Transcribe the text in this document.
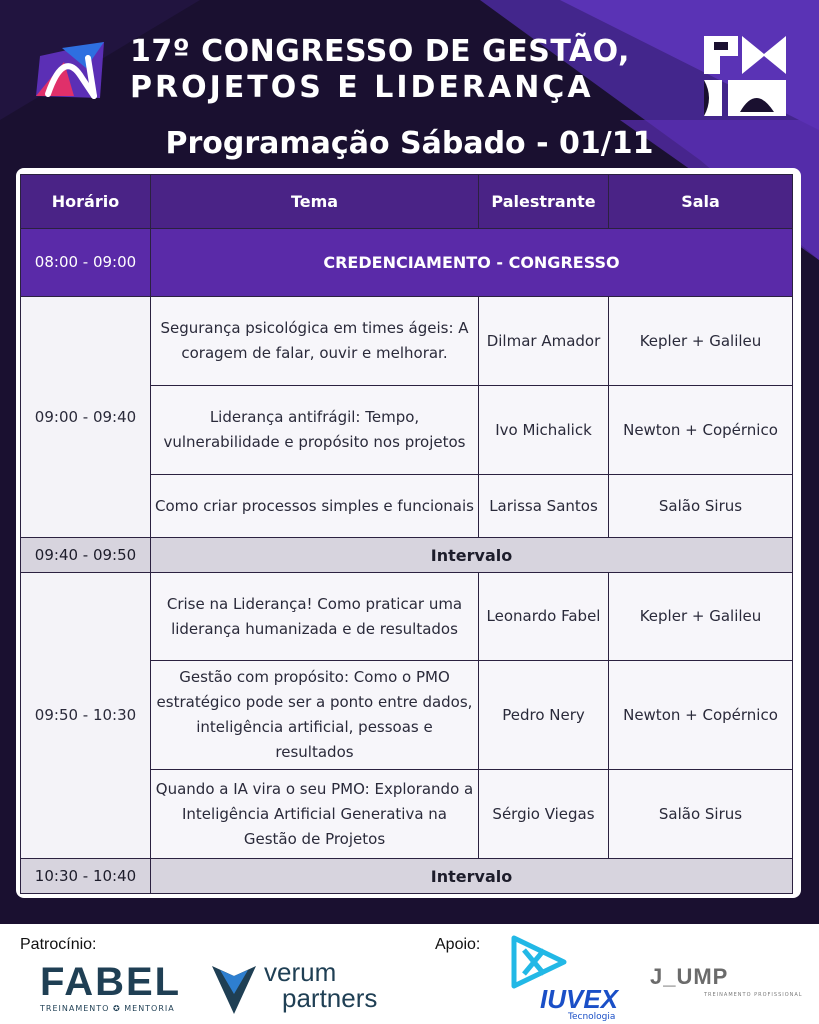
17º CONGRESSO DE GESTÃO,
PROJETOS E LIDERANÇA
Programação Sábado - 01/11
Horário	Tema	Palestrante	Sala
08:00 - 09:00	CREDENCIAMENTO - CONGRESSO		
09:00 - 09:40	Segurança psicológica em times ágeis: A coragem de falar, ouvir e melhorar.	Dilmar Amador	Kepler + Galileu
	Liderança antifrágil: Tempo, vulnerabilidade e propósito nos projetos	Ivo Michalick	Newton + Copérnico
	Como criar processos simples e funcionais	Larissa Santos	Salão Sirus
09:40 - 09:50	Intervalo		
09:50 - 10:30	Crise na Liderança! Como praticar uma liderança humanizada e de resultados	Leonardo Fabel	Kepler + Galileu
	Gestão com propósito: Como o PMO estratégico pode ser a ponto entre dados, inteligência artificial, pessoas e resultados	Pedro Nery	Newton + Copérnico
	Quando a IA vira o seu PMO: Explorando a Inteligência Artificial Generativa na Gestão de Projetos	Sérgio Viegas	Salão Sirus
10:30 - 10:40	Intervalo		
Patrocínio:	Apoio:
FABEL
TREINAMENTO ✪ MENTORIA
verum
partners	IUVEX
Tecnologia
J_UMP
TREINAMENTO PROFISSIONAL
